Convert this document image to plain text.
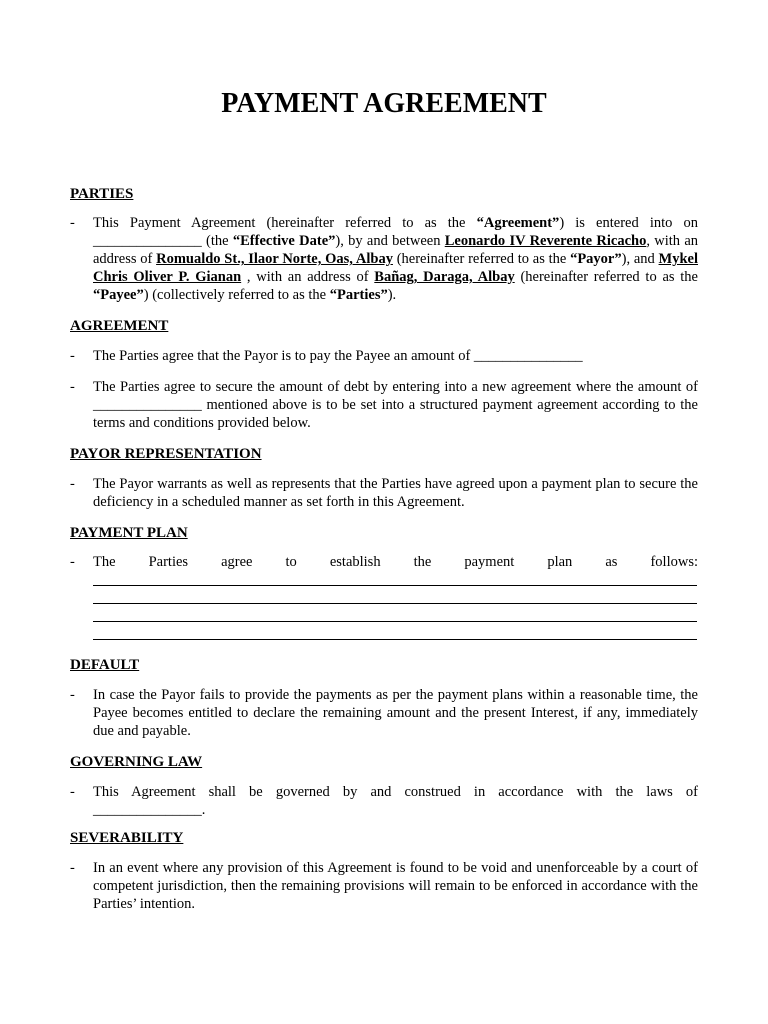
PAYMENT AGREEMENT
PARTIES
- This Payment Agreement (hereinafter referred to as the “Agreement”) is entered into on _______________ (the “Effective Date”), by and between Leonardo IV Reverente Ricacho, with an address of Romualdo St., Ilaor Norte, Oas, Albay (hereinafter referred to as the “Payor”), and Mykel Chris Oliver P. Gianan , with an address of Bañag, Daraga, Albay (hereinafter referred to as the “Payee”) (collectively referred to as the “Parties”).
AGREEMENT
- The Parties agree that the Payor is to pay the Payee an amount of _______________
- The Parties agree to secure the amount of debt by entering into a new agreement where the amount of _______________ mentioned above is to be set into a structured payment agreement according to the terms and conditions provided below.
PAYOR REPRESENTATION
- The Payor warrants as well as represents that the Parties have agreed upon a payment plan to secure the deficiency in a scheduled manner as set forth in this Agreement.
PAYMENT PLAN
- The Parties agree to establish the payment plan as follows:
DEFAULT
- In case the Payor fails to provide the payments as per the payment plans within a reasonable time, the Payee becomes entitled to declare the remaining amount and the present Interest, if any, immediately due and payable.
GOVERNING LAW
- This Agreement shall be governed by and construed in accordance with the laws of
_______________.
SEVERABILITY
- In an event where any provision of this Agreement is found to be void and unenforceable by a court of competent jurisdiction, then the remaining provisions will remain to be enforced in accordance with the Parties’ intention.
